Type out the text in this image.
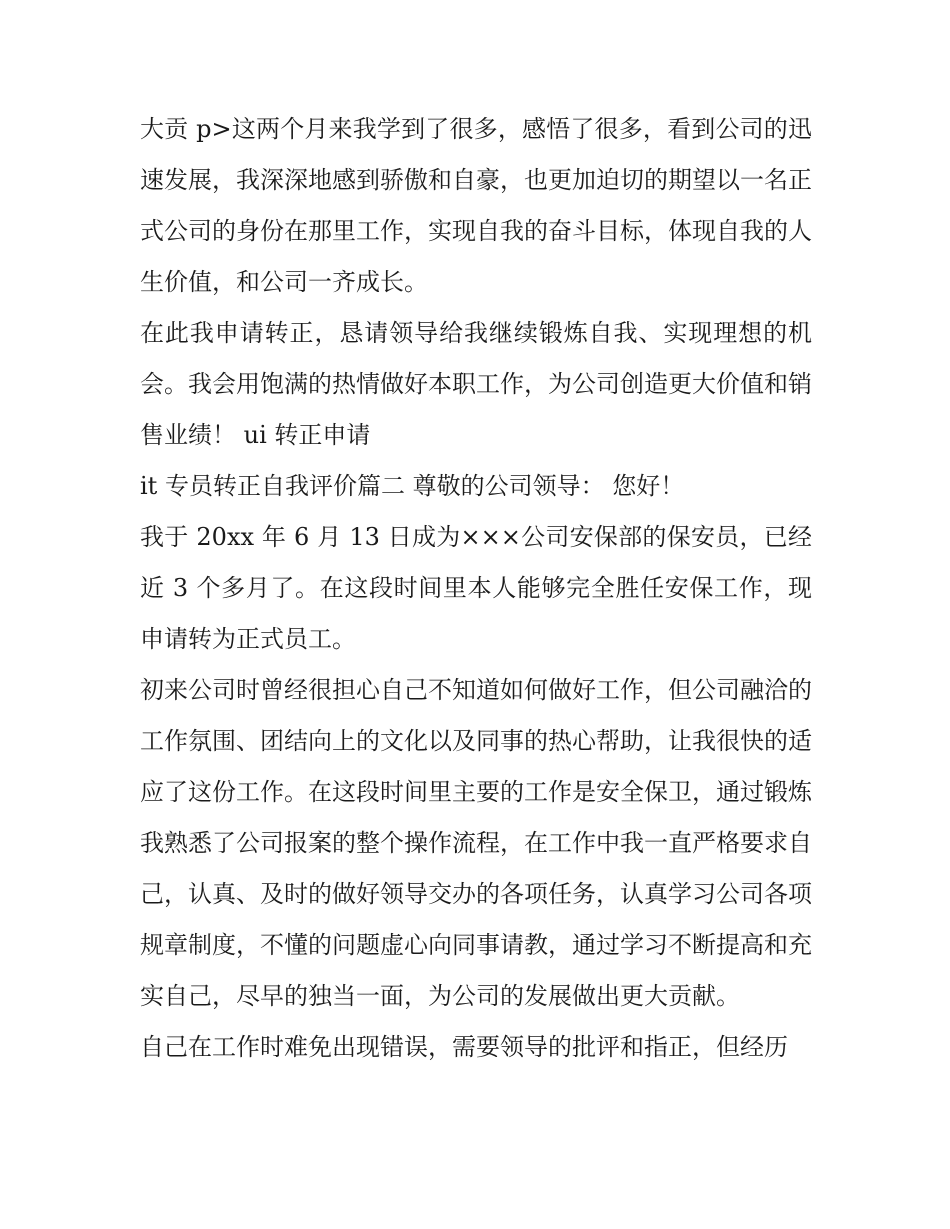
大贡 p>这两个月来我学到了很多，感悟了很多，看到公司的迅速发展，我深深地感到骄傲和自豪，也更加迫切的期望以一名正式公司的身份在那里工作，实现自我的奋斗目标，体现自我的人生价值，和公司一齐成长。

在此我申请转正，恳请领导给我继续锻炼自我、实现理想的机会。我会用饱满的热情做好本职工作，为公司创造更大价值和销售业绩！ ui 转正申请

it 专员转正自我评价篇二 尊敬的公司领导： 您好！

我于 20xx 年 6 月 13 日成为×××公司安保部的保安员，已经近 3 个多月了。在这段时间里本人能够完全胜任安保工作，现申请转为正式员工。

初来公司时曾经很担心自己不知道如何做好工作，但公司融洽的工作氛围、团结向上的文化以及同事的热心帮助，让我很快的适应了这份工作。在这段时间里主要的工作是安全保卫，通过锻炼我熟悉了公司报案的整个操作流程，在工作中我一直严格要求自己，认真、及时的做好领导交办的各项任务，认真学习公司各项规章制度，不懂的问题虚心向同事请教，通过学习不断提高和充实自己，尽早的独当一面，为公司的发展做出更大贡献。

自己在工作时难免出现错误，需要领导的批评和指正，但经历
